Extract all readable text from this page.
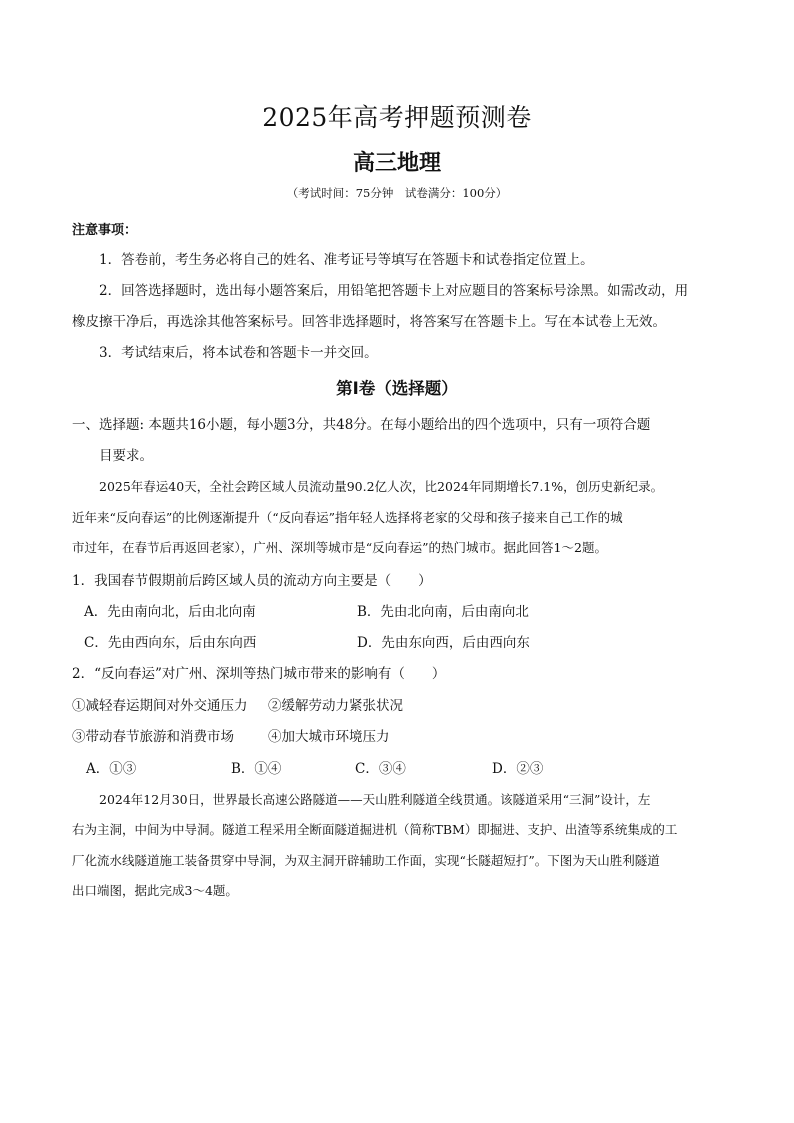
2025年高考押题预测卷
高三地理
（考试时间：75分钟　试卷满分：100分）
注意事项：
1．答卷前，考生务必将自己的姓名、准考证号等填写在答题卡和试卷指定位置上。
2．回答选择题时，选出每小题答案后，用铅笔把答题卡上对应题目的答案标号涂黑。如需改动，用
橡皮擦干净后，再选涂其他答案标号。回答非选择题时，将答案写在答题卡上。写在本试卷上无效。
3．考试结束后，将本试卷和答题卡一并交回。
第Ⅰ卷（选择题）
一、选择题: 本题共16小题，每小题3分，共48分。在每小题给出的四个选项中，只有一项符合题
目要求。
2025年春运40天，全社会跨区域人员流动量90.2亿人次，比2024年同期增长7.1%，创历史新纪录。
近年来“反向春运”的比例逐渐提升（“反向春运”指年轻人选择将老家的父母和孩子接来自己工作的城
市过年，在春节后再返回老家），广州、深圳等城市是“反向春运”的热门城市。据此回答1～2题。
1．我国春节假期前后跨区域人员的流动方向主要是（　　）
A．先由南向北，后由北向南	B．先由北向南，后由南向北
C．先由西向东，后由东向西	D．先由东向西，后由西向东
2．“反向春运”对广州、深圳等热门城市带来的影响有（　　）
①减轻春运期间对外交通压力 ②缓解劳动力紧张状况
③带动春节旅游和消费市场	④加大城市环境压力
A．①③	B．①④	C．③④	D．②③
2024年12月30日，世界最长高速公路隧道——天山胜利隧道全线贯通。该隧道采用“三洞”设计，左
右为主洞，中间为中导洞。隧道工程采用全断面隧道掘进机（简称TBM）即掘进、支护、出渣等系统集成的工
厂化流水线隧道施工装备贯穿中导洞，为双主洞开辟辅助工作面，实现“长隧超短打”。下图为天山胜利隧道
出口端图，据此完成3～4题。
